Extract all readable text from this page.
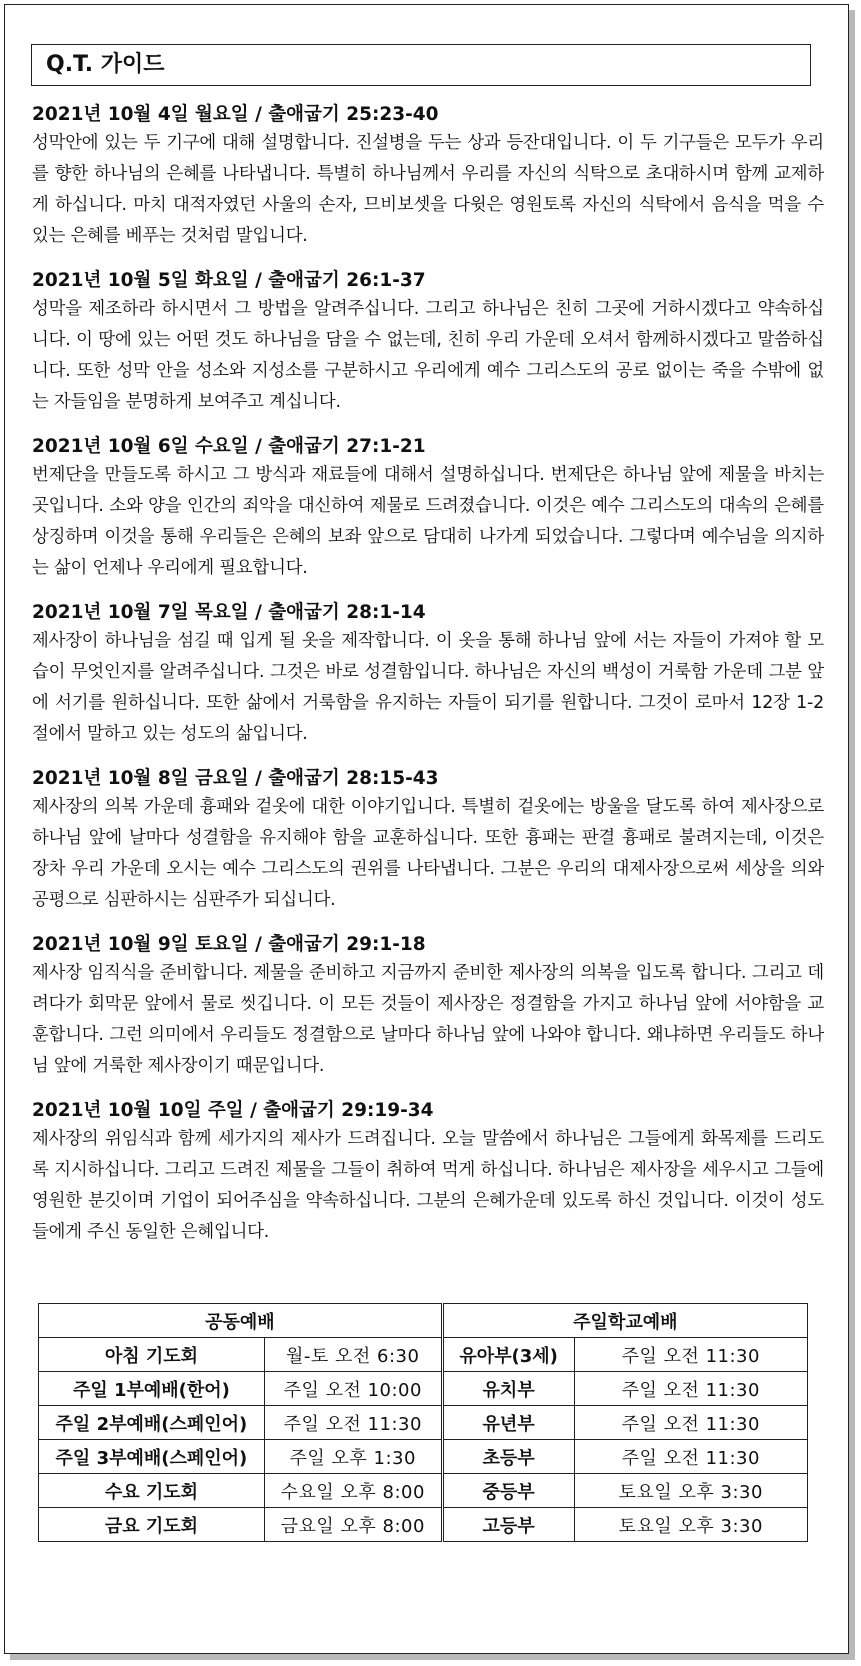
Q.T. 가이드
2021년 10월 4일 월요일 / 출애굽기 25:23-40
성막안에 있는 두 기구에 대해 설명합니다. 진설병을 두는 상과 등잔대입니다. 이 두 기구들은 모두가 우리를 향한 하나님의 은혜를 나타냅니다. 특별히 하나님께서 우리를 자신의 식탁으로 초대하시며 함께 교제하게 하십니다. 마치 대적자였던 사울의 손자, 므비보셋을 다윗은 영원토록 자신의 식탁에서 음식을 먹을 수 있는 은혜를 베푸는 것처럼 말입니다.
2021년 10월 5일 화요일 / 출애굽기 26:1-37
성막을 제조하라 하시면서 그 방법을 알려주십니다. 그리고 하나님은 친히 그곳에 거하시겠다고 약속하십니다. 이 땅에 있는 어떤 것도 하나님을 담을 수 없는데, 친히 우리 가운데 오셔서 함께하시겠다고 말씀하십니다. 또한 성막 안을 성소와 지성소를 구분하시고 우리에게 예수 그리스도의 공로 없이는 죽을 수밖에 없는 자들임을 분명하게 보여주고 계십니다.
2021년 10월 6일 수요일 / 출애굽기 27:1-21
번제단을 만들도록 하시고 그 방식과 재료들에 대해서 설명하십니다. 번제단은 하나님 앞에 제물을 바치는 곳입니다. 소와 양을 인간의 죄악을 대신하여 제물로 드려졌습니다. 이것은 예수 그리스도의 대속의 은혜를 상징하며 이것을 통해 우리들은 은혜의 보좌 앞으로 담대히 나가게 되었습니다. 그렇다며 예수님을 의지하는 삶이 언제나 우리에게 필요합니다.
2021년 10월 7일 목요일 / 출애굽기 28:1-14
제사장이 하나님을 섬길 때 입게 될 옷을 제작합니다. 이 옷을 통해 하나님 앞에 서는 자들이 가져야 할 모습이 무엇인지를 알려주십니다. 그것은 바로 성결함입니다. 하나님은 자신의 백성이 거룩함 가운데 그분 앞에 서기를 원하십니다. 또한 삶에서 거룩함을 유지하는 자들이 되기를 원합니다. 그것이 로마서 12장 1-2절에서 말하고 있는 성도의 삶입니다.
2021년 10월 8일 금요일 / 출애굽기 28:15-43
제사장의 의복 가운데 흉패와 겉옷에 대한 이야기입니다. 특별히 겉옷에는 방울을 달도록 하여 제사장으로 하나님 앞에 날마다 성결함을 유지해야 함을 교훈하십니다. 또한 흉패는 판결 흉패로 불려지는데, 이것은 장차 우리 가운데 오시는 예수 그리스도의 권위를 나타냅니다. 그분은 우리의 대제사장으로써 세상을 의와 공평으로 심판하시는 심판주가 되십니다.
2021년 10월 9일 토요일 / 출애굽기 29:1-18
제사장 임직식을 준비합니다. 제물을 준비하고 지금까지 준비한 제사장의 의복을 입도록 합니다. 그리고 데려다가 회막문 앞에서 물로 씻깁니다. 이 모든 것들이 제사장은 정결함을 가지고 하나님 앞에 서야함을 교훈합니다. 그런 의미에서 우리들도 정결함으로 날마다 하나님 앞에 나와야 합니다. 왜냐하면 우리들도 하나님 앞에 거룩한 제사장이기 때문입니다.
2021년 10월 10일 주일 / 출애굽기 29:19-34
제사장의 위임식과 함께 세가지의 제사가 드려집니다. 오늘 말씀에서 하나님은 그들에게 화목제를 드리도록 지시하십니다. 그리고 드려진 제물을 그들이 취하여 먹게 하십니다. 하나님은 제사장을 세우시고 그들에 영원한 분깃이며 기업이 되어주심을 약속하십니다. 그분의 은혜가운데 있도록 하신 것입니다. 이것이 성도들에게 주신 동일한 은혜입니다.
공동예배		주일학교예배	
아침 기도회	월-토 오전 6:30	유아부(3세)	주일 오전 11:30
주일 1부예배(한어)	주일 오전 10:00	유치부	주일 오전 11:30
주일 2부예배(스페인어)	주일 오전 11:30	유년부	주일 오전 11:30
주일 3부예배(스페인어)	주일 오후 1:30	초등부	주일 오전 11:30
수요 기도회	수요일 오후 8:00	중등부	토요일 오후 3:30
금요 기도회	금요일 오후 8:00	고등부	토요일 오후 3:30
